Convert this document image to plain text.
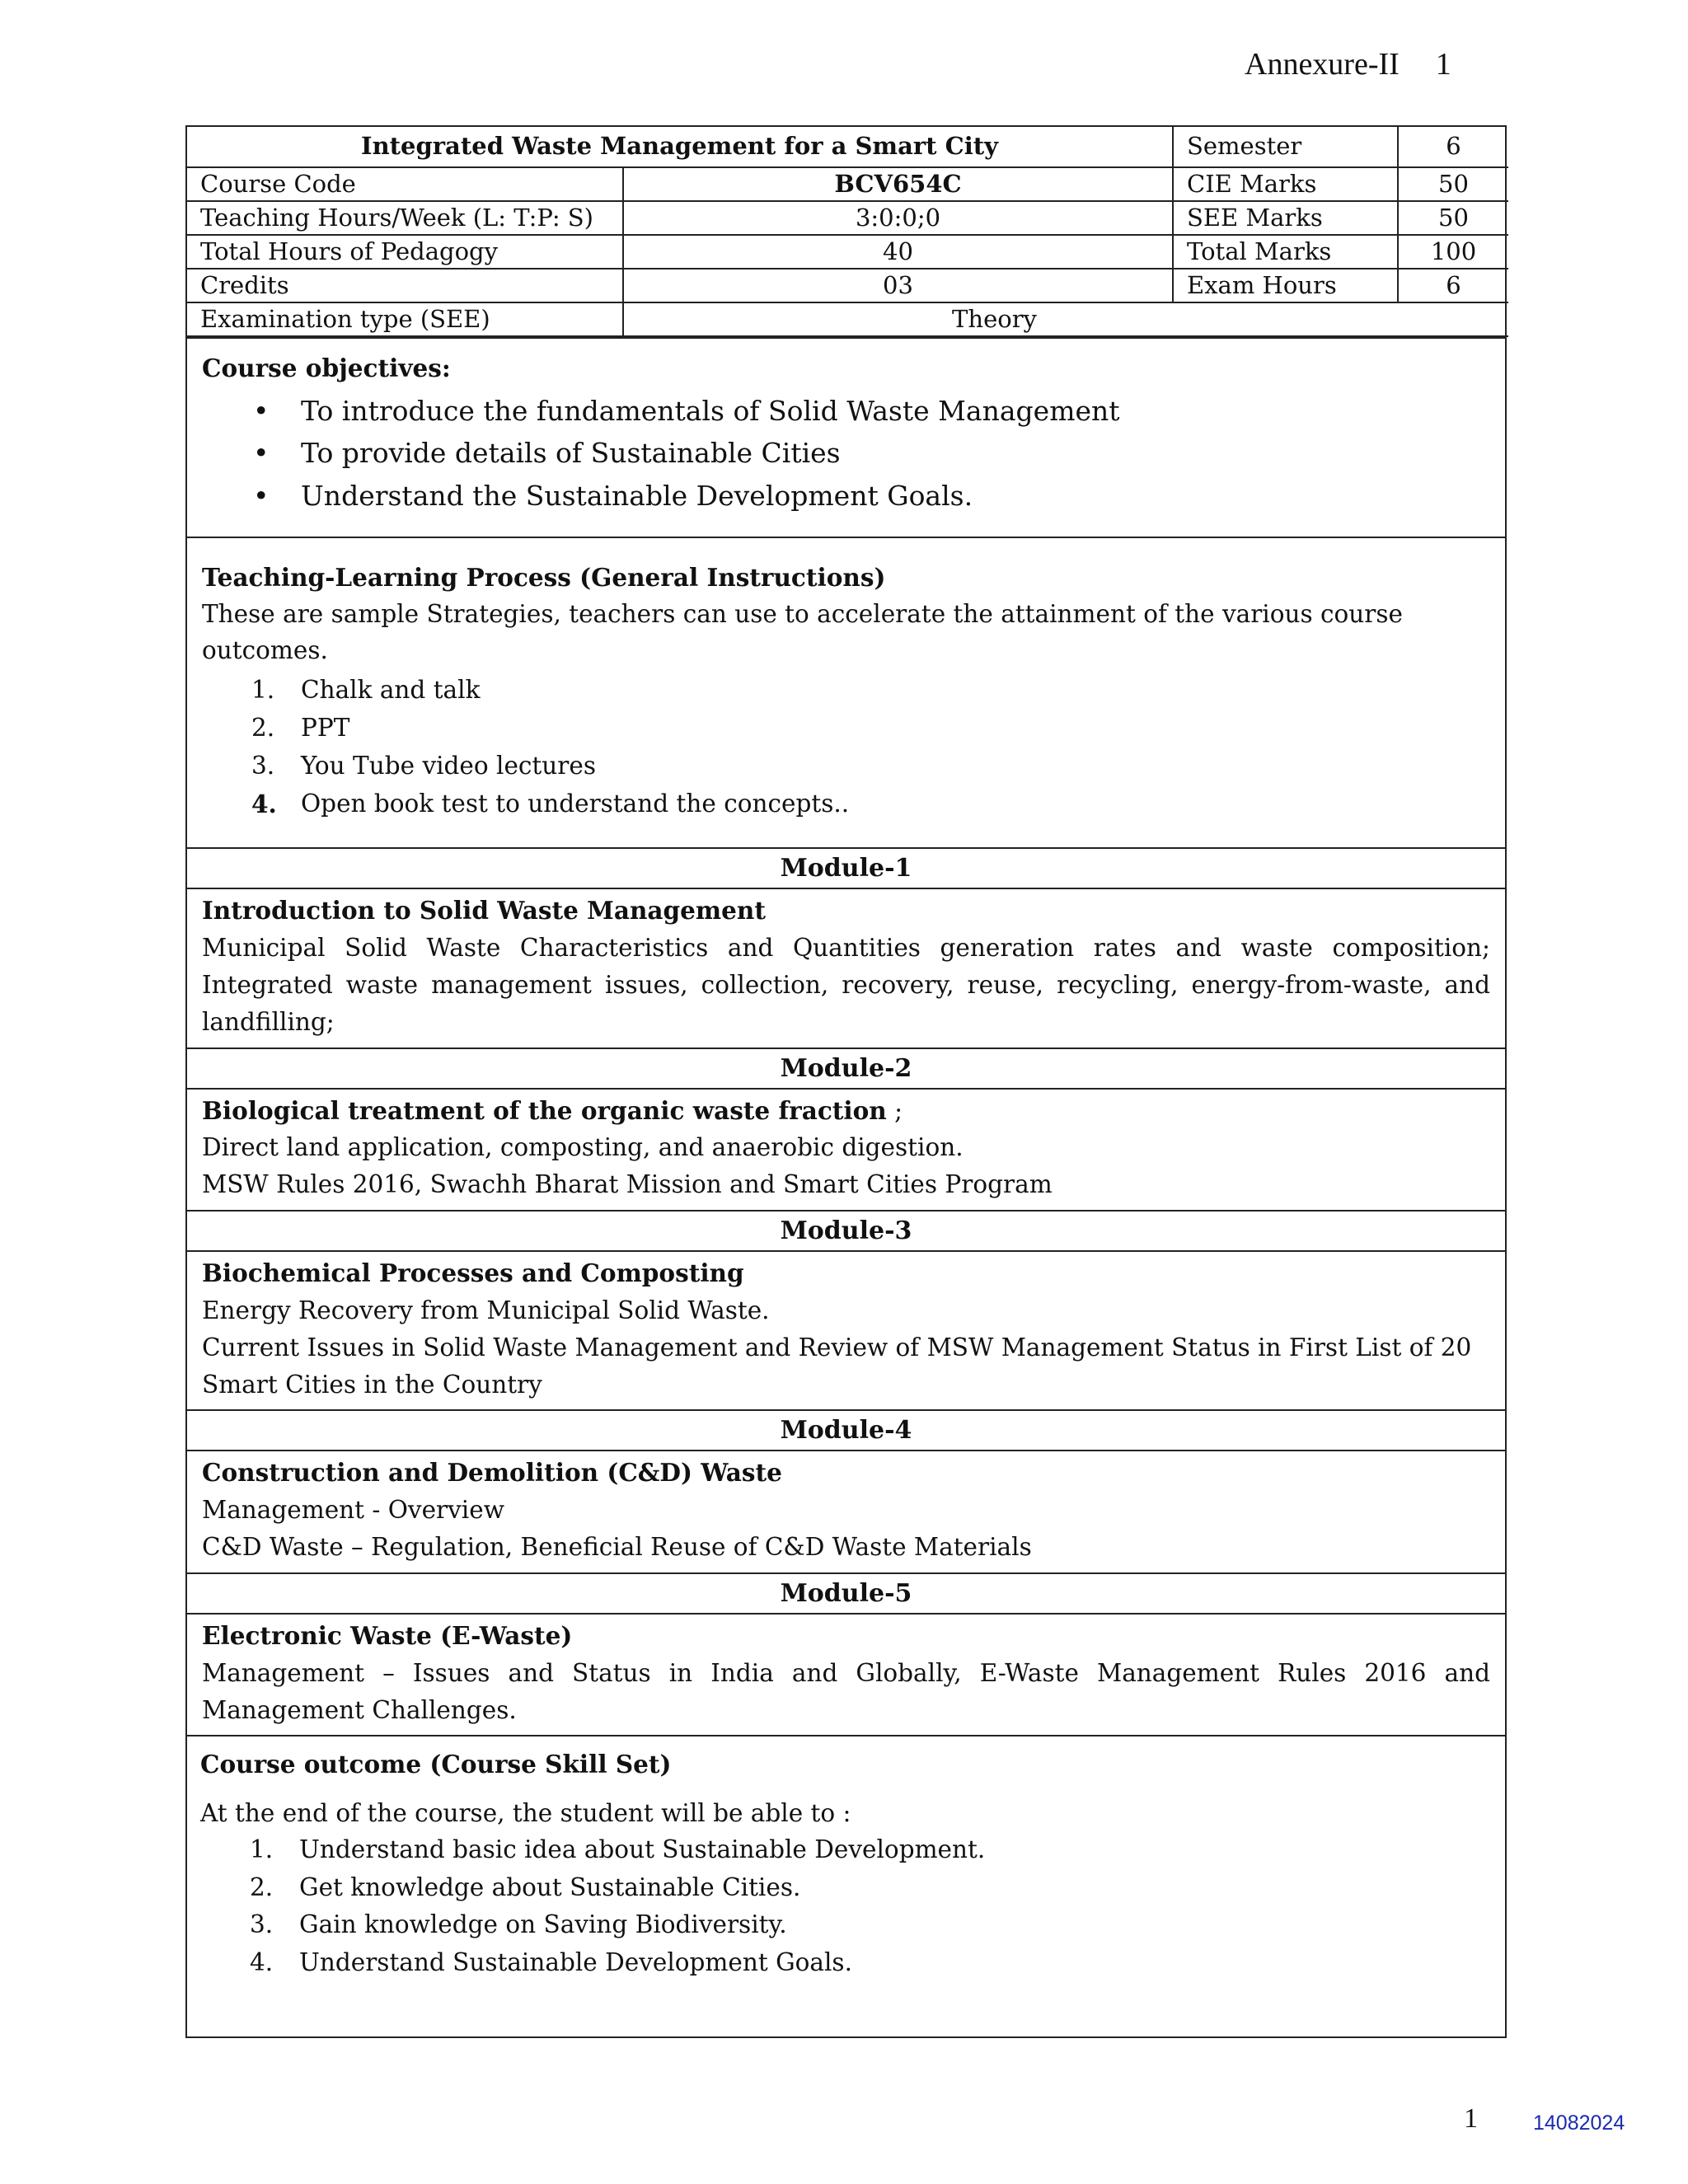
Annexure-II 1
Integrated Waste Management for a Smart City		Semester	6
Course Code	BCV654C	CIE Marks	50
Teaching Hours/Week (L: T:P: S)	3:0:0;0	SEE Marks	50
Total Hours of Pedagogy	40	Total Marks	100
Credits	03	Exam Hours	6
Examination type (SEE)	Theory		
Course objectives:
• To introduce the fundamentals of Solid Waste Management
• To provide details of Sustainable Cities
• Understand the Sustainable Development Goals.
Teaching-Learning Process (General Instructions)
These are sample Strategies, teachers can use to accelerate the attainment of the various course outcomes.
1. Chalk and talk
2. PPT
3. You Tube video lectures
4. Open book test to understand the concepts..
Module-1

Introduction to Solid Waste Management

Municipal Solid Waste Characteristics and Quantities generation rates and waste composition; Integrated waste management issues, collection, recovery, reuse, recycling, energy-from-waste, and landfilling;

Module-2

Biological treatment of the organic waste fraction ;

Direct land application, composting, and anaerobic digestion.

MSW Rules 2016, Swachh Bharat Mission and Smart Cities Program

Module-3

Biochemical Processes and Composting

Energy Recovery from Municipal Solid Waste.

Current Issues in Solid Waste Management and Review of MSW Management Status in First List of 20 Smart Cities in the Country

Module-4

Construction and Demolition (C&D) Waste

Management - Overview

C&D Waste – Regulation, Beneficial Reuse of C&D Waste Materials

Module-5

Electronic Waste (E-Waste)

Management – Issues and Status in India and Globally, E-Waste Management Rules 2016 and Management Challenges.

Course outcome (Course Skill Set)
At the end of the course, the student will be able to :
1. Understand basic idea about Sustainable Development.
2. Get knowledge about Sustainable Cities.
3. Gain knowledge on Saving Biodiversity.
4. Understand Sustainable Development Goals.
1	14082024
